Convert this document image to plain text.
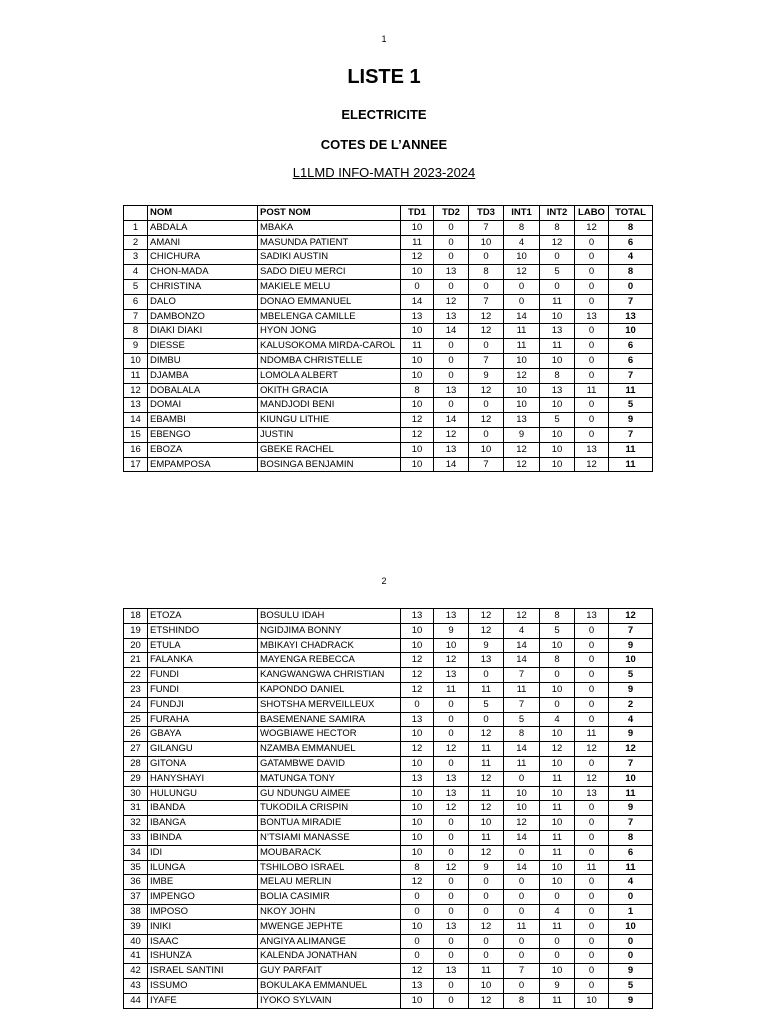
1
LISTE 1
ELECTRICITE
COTES DE L’ANNEE
L1LMD INFO-MATH 2023-2024
	NOM	POST NOM	TD1	TD2	TD3	INT1	INT2	LABO	TOTAL
1	ABDALA	MBAKA	10	0	7	8	8	12	8
2	AMANI	MASUNDA PATIENT	11	0	10	4	12	0	6
3	CHICHURA	SADIKI AUSTIN	12	0	0	10	0	0	4
4	CHON-MADA	SADO DIEU MERCI	10	13	8	12	5	0	8
5	CHRISTINA	MAKIELE MELU	0	0	0	0	0	0	0
6	DALO	DONAO EMMANUEL	14	12	7	0	11	0	7
7	DAMBONZO	MBELENGA CAMILLE	13	13	12	14	10	13	13
8	DIAKI DIAKI	HYON JONG	10	14	12	11	13	0	10
9	DIESSE	KALUSOKOMA MIRDA-CAROL	11	0	0	11	11	0	6
10	DIMBU	NDOMBA CHRISTELLE	10	0	7	10	10	0	6
11	DJAMBA	LOMOLA ALBERT	10	0	9	12	8	0	7
12	DOBALALA	OKITH GRACIA	8	13	12	10	13	11	11
13	DOMAI	MANDJODI BENI	10	0	0	10	10	0	5
14	EBAMBI	KIUNGU LITHIE	12	14	12	13	5	0	9
15	EBENGO	JUSTIN	12	12	0	9	10	0	7
16	EBOZA	GBEKE RACHEL	10	13	10	12	10	13	11
17	EMPAMPOSA	BOSINGA BENJAMIN	10	14	7	12	10	12	11
2
18	ETOZA	BOSULU IDAH	13	13	12	12	8	13	12
19	ETSHINDO	NGIDJIMA BONNY	10	9	12	4	5	0	7
20	ETULA	MBIKAYI CHADRACK	10	10	9	14	10	0	9
21	FALANKA	MAYENGA REBECCA	12	12	13	14	8	0	10
22	FUNDI	KANGWANGWA CHRISTIAN	12	13	0	7	0	0	5
23	FUNDI	KAPONDO DANIEL	12	11	11	11	10	0	9
24	FUNDJI	SHOTSHA MERVEILLEUX	0	0	5	7	0	0	2
25	FURAHA	BASEMENANE SAMIRA	13	0	0	5	4	0	4
26	GBAYA	WOGBIAWE HECTOR	10	0	12	8	10	11	9
27	GILANGU	NZAMBA EMMANUEL	12	12	11	14	12	12	12
28	GITONA	GATAMBWE DAVID	10	0	11	11	10	0	7
29	HANYSHAYI	MATUNGA TONY	13	13	12	0	11	12	10
30	HULUNGU	GU NDUNGU AIMEE	10	13	11	10	10	13	11
31	IBANDA	TUKODILA CRISPIN	10	12	12	10	11	0	9
32	IBANGA	BONTUA MIRADIE	10	0	10	12	10	0	7
33	IBINDA	N’TSIAMI MANASSE	10	0	11	14	11	0	8
34	IDI	MOUBARACK	10	0	12	0	11	0	6
35	ILUNGA	TSHILOBO ISRAEL	8	12	9	14	10	11	11
36	IMBE	MELAU MERLIN	12	0	0	0	10	0	4
37	IMPENGO	BOLIA CASIMIR	0	0	0	0	0	0	0
38	IMPOSO	NKOY JOHN	0	0	0	0	4	0	1
39	INIKI	MWENGE JEPHTE	10	13	12	11	11	0	10
40	ISAAC	ANGIYA ALIMANGE	0	0	0	0	0	0	0
41	ISHUNZA	KALENDA JONATHAN	0	0	0	0	0	0	0
42	ISRAEL SANTINI	GUY PARFAIT	12	13	11	7	10	0	9
43	ISSUMO	BOKULAKA EMMANUEL	13	0	10	0	9	0	5
44	IYAFE	IYOKO SYLVAIN	10	0	12	8	11	10	9
